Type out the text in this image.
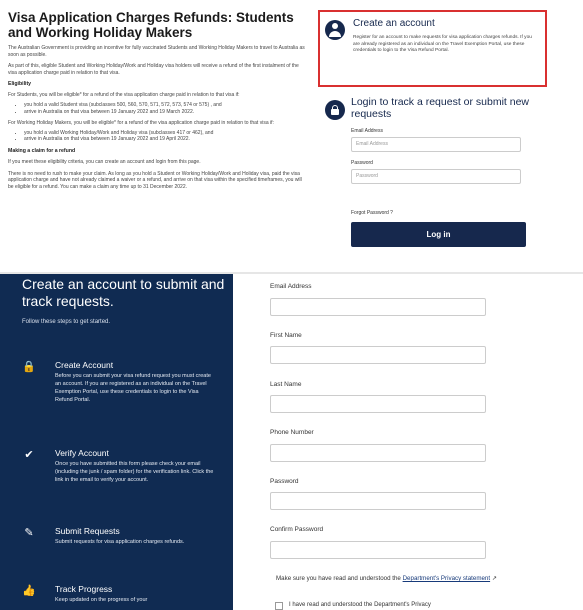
Visa Application Charges Refunds: Students and Working Holiday Makers
The Australian Government is providing an incentive for fully vaccinated Students and Working Holiday Makers to travel to Australia as soon as possible.
As part of this, eligible Student and Working Holiday/Work and Holiday visa holders will receive a refund of the first instalment of the visa application charge paid in relation to that visa.
Eligibility
For Students, you will be eligible* for a refund of the visa application charge paid in relation to that visa if:
• you hold a valid Student visa (subclasses 500, 560, 570, 571, 572, 573, 574 or 575) , and
• arrive in Australia on that visa between 19 January 2022 and 19 March 2022.
For Working Holiday Makers, you will be eligible* for a refund of the visa application charge paid in relation to that visa if:
• you hold a valid Working Holiday/Work and Holiday visa (subclasses 417 or 462), and
• arrive in Australia on that visa between 19 January 2022 and 19 April 2022.
Making a claim for a refund
If you meet these eligibility criteria, you can create an account and login from this page.
There is no need to rush to make your claim. As long as you hold a Student or Working Holiday/Work and Holiday visa, paid the visa application charge and have not already claimed a waiver or a refund, and arrive on that visa within the specified timeframes, you will be eligible for a refund. You can make a claim any time up to 31 December 2022.
Create an account
Register for an account to make requests for visa application charges refunds. If you are already registered as an individual on the Travel Exemption Portal, use these credentials to login to the Visa Refund Portal.
Login to track a request or submit new requests
Email Address
Email Address
Password
Password
Forgot Password ?
Log in
Create an account to submit and track requests.
Follow these steps to get started.
🔒 Create Account
Before you can submit your visa refund request you must create an account. If you are registered as an individual on the Travel Exemption Portal, use these credentials to login to the Visa Refund Portal.
✔	Verify Account
Once you have submitted this form please check your email (including the junk / spam folder) for the verification link. Click the link in the email to verify your account.
✎	Submit Requests
Submit requests for visa application charges refunds.
👍 Track Progress
Keep updated on the progress of your
Email Address
First Name
Last Name
Phone Number
Password
Confirm Password
Make sure you have read and understood the Department's Privacy statement ↗
I have read and understood the Department's Privacy
